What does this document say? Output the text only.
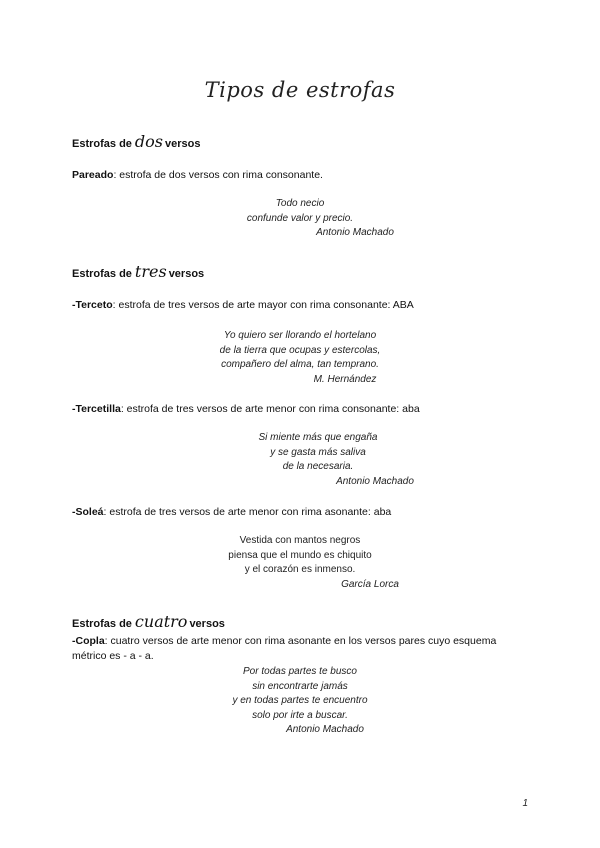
Tipos de estrofas
Estrofas de dos versos
Pareado: estrofa de dos versos con rima consonante.
Todo necio
confunde valor y precio.
Antonio Machado
Estrofas de tres versos
-Terceto: estrofa de tres versos de arte mayor con rima consonante: ABA
Yo quiero ser llorando el hortelano
de la tierra que ocupas y estercolas,
compañero del alma, tan temprano.
M. Hernández
-Tercetilla: estrofa de tres versos de arte menor con rima consonante: aba
Si miente más que engaña
y se gasta más saliva
de la necesaria.
Antonio Machado
-Soleá: estrofa de tres versos de arte menor con rima asonante: aba
Vestida con mantos negros
piensa que el mundo es chiquito
y el corazón es inmenso.
García Lorca
Estrofas de cuatro versos
-Copla: cuatro versos de arte menor con rima asonante en los versos pares cuyo esquema métrico es - a - a.
Por todas partes te busco
sin encontrarte jamás
y en todas partes te encuentro
solo por irte a buscar.
Antonio Machado
1
